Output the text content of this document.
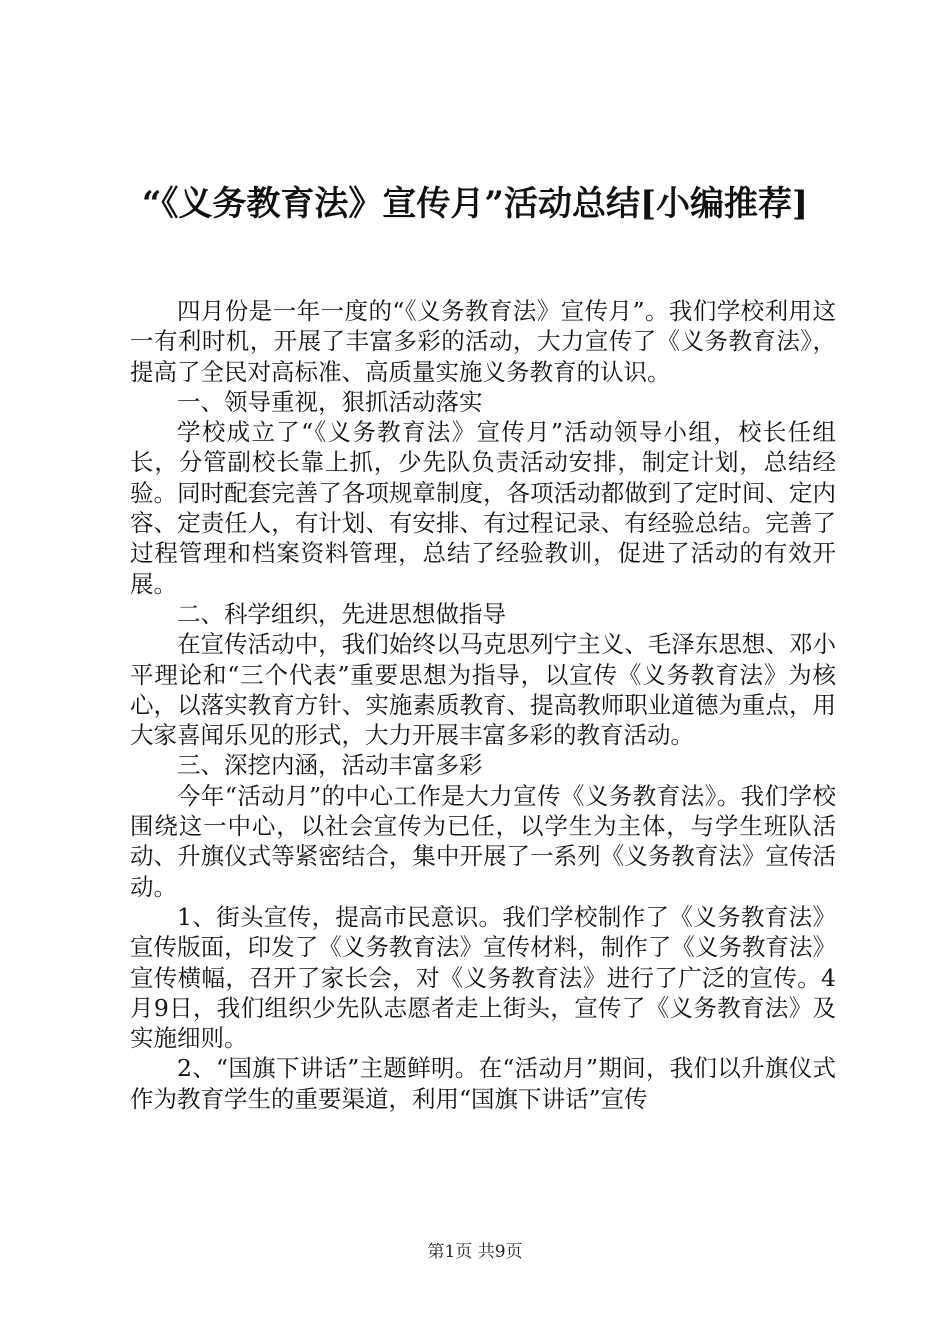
“《义务教育法》宣传月”活动总结[小编推荐]

四月份是一年一度的“《义务教育法》宣传月”。我们学校利用这一有利时机，开展了丰富多彩的活动，大力宣传了《义务教育法》，提高了全民对高标准、高质量实施义务教育的认识。

一、领导重视，狠抓活动落实

学校成立了“《义务教育法》宣传月”活动领导小组，校长任组长，分管副校长靠上抓，少先队负责活动安排，制定计划，总结经验。同时配套完善了各项规章制度，各项活动都做到了定时间、定内容、定责任人，有计划、有安排、有过程记录、有经验总结。完善了过程管理和档案资料管理，总结了经验教训，促进了活动的有效开展。

二、科学组织，先进思想做指导

在宣传活动中，我们始终以马克思列宁主义、毛泽东思想、邓小平理论和“三个代表”重要思想为指导，以宣传《义务教育法》为核心，以落实教育方针、实施素质教育、提高教师职业道德为重点，用大家喜闻乐见的形式，大力开展丰富多彩的教育活动。

三、深挖内涵，活动丰富多彩

今年“活动月”的中心工作是大力宣传《义务教育法》。我们学校围绕这一中心，以社会宣传为已任，以学生为主体，与学生班队活动、升旗仪式等紧密结合，集中开展了一系列《义务教育法》宣传活动。

1、街头宣传，提高市民意识。我们学校制作了《义务教育法》宣传版面，印发了《义务教育法》宣传材料，制作了《义务教育法》宣传横幅，召开了家长会，对《义务教育法》进行了广泛的宣传。4月9日，我们组织少先队志愿者走上街头，宣传了《义务教育法》及实施细则。

2、“国旗下讲话”主题鲜明。在“活动月”期间，我们以升旗仪式作为教育学生的重要渠道，利用“国旗下讲话”宣传

第1页 共9页
